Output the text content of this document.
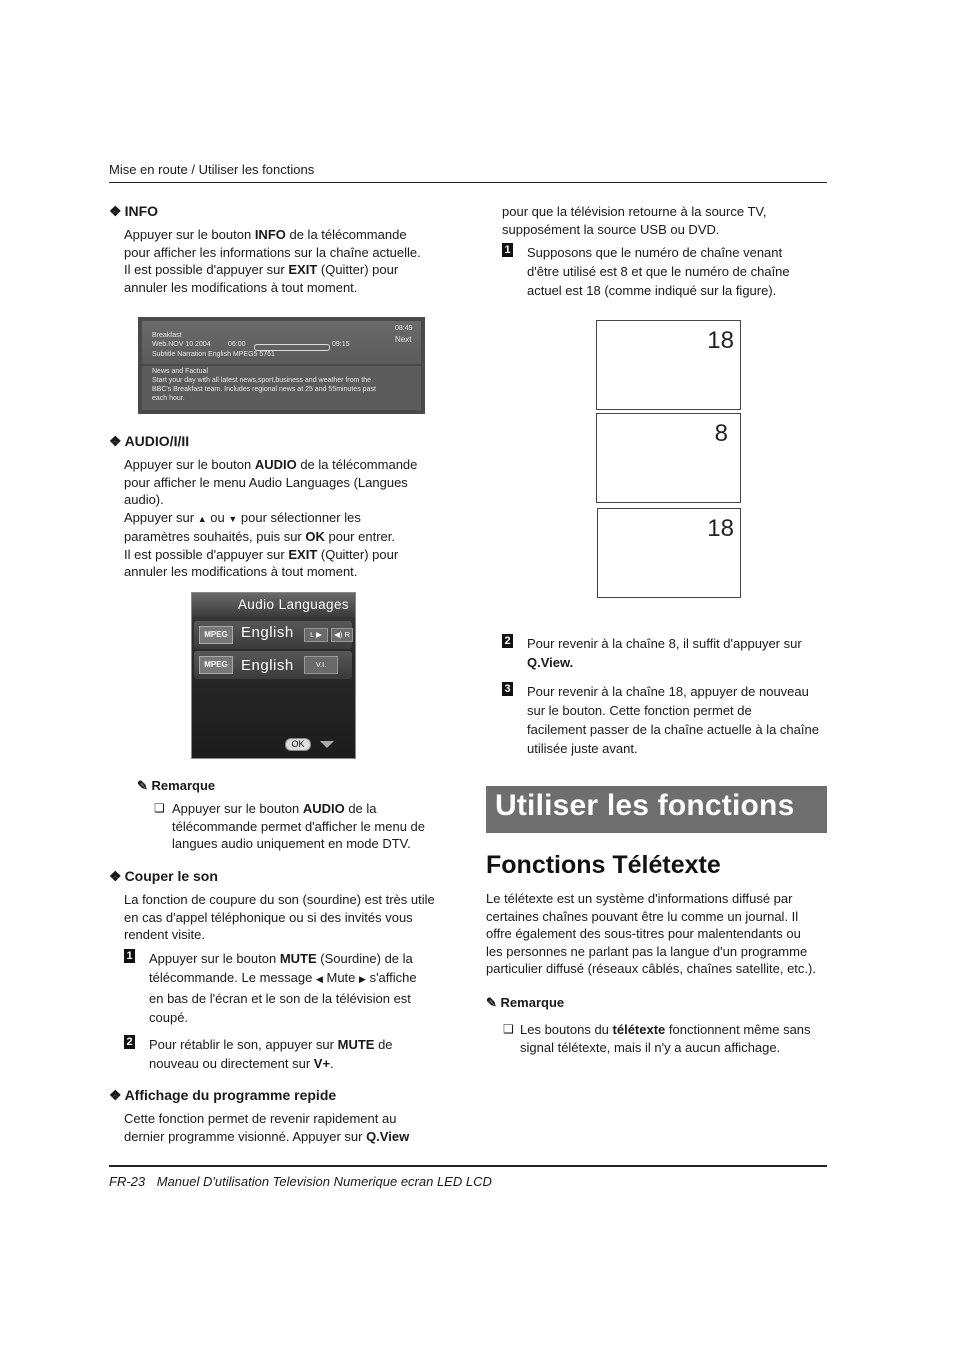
Mise en route / Utiliser les fonctions
❖ INFO
Appuyer sur le bouton INFO de la télécommande
pour afficher les informations sur la chaîne actuelle.
Il est possible d'appuyer sur EXIT (Quitter) pour
annuler les modifications à tout moment.
Breakfast
Web.NOV 10 2004 06:00	09:15
08:49
Next
Subtitle Narration English MPEG5 5761
News and Factual
Start your day with all latest news,sport,business and weather from the
BBC's Breakfast team. Includes regional news at 25 and 55minutes past
each hour.
❖ AUDIO/I/II
Appuyer sur le bouton AUDIO de la télécommande
pour afficher le menu Audio Languages (Langues
audio).
Appuyer sur ▲ ou ▼ pour sélectionner les
paramètres souhaités, puis sur OK pour entrer.
Il est possible d'appuyer sur EXIT (Quitter) pour
annuler les modifications à tout moment.
Audio Languages
MPEG English	L ▶	◀) R
MPEG English	V.I.
OK
✎ Remarque
❏ Appuyer sur le bouton AUDIO de la
télécommande permet d'afficher le menu de
langues audio uniquement en mode DTV.
❖ Couper le son
La fonction de coupure du son (sourdine) est très utile
en cas d'appel téléphonique ou si des invités vous
rendent visite.
1 Appuyer sur le bouton MUTE (Sourdine) de la
télécommande. Le message ◀ Mute ▶ s'affiche
en bas de l'écran et le son de la télévision est
coupé.
2 Pour rétablir le son, appuyer sur MUTE de
nouveau ou directement sur V+.
❖ Affichage du programme repide
Cette fonction permet de revenir rapidement au
dernier programme visionné. Appuyer sur Q.View
pour que la télévision retourne à la source TV,
supposément la source USB ou DVD.
1 Supposons que le numéro de chaîne venant
d'être utilisé est 8 et que le numéro de chaîne
actuel est 18 (comme indiqué sur la figure).
18
8
18
2 Pour revenir à la chaîne 8, il suffit d'appuyer sur
Q.View.
3 Pour revenir à la chaîne 18, appuyer de nouveau
sur le bouton. Cette fonction permet de
facilement passer de la chaîne actuelle à la chaîne
utilisée juste avant.
Utiliser les fonctions
Fonctions Télétexte
Le télétexte est un système d'informations diffusé par
certaines chaînes pouvant être lu comme un journal. Il
offre également des sous-titres pour malentendants ou
les personnes ne parlant pas la langue d'un programme
particulier diffusé (réseaux câblés, chaînes satellite, etc.).
✎ Remarque
❏ Les boutons du télétexte fonctionnent même sans
signal télétexte, mais il n'y a aucun affichage.
FR-23 Manuel D'utilisation Television Numerique ecran LED LCD
